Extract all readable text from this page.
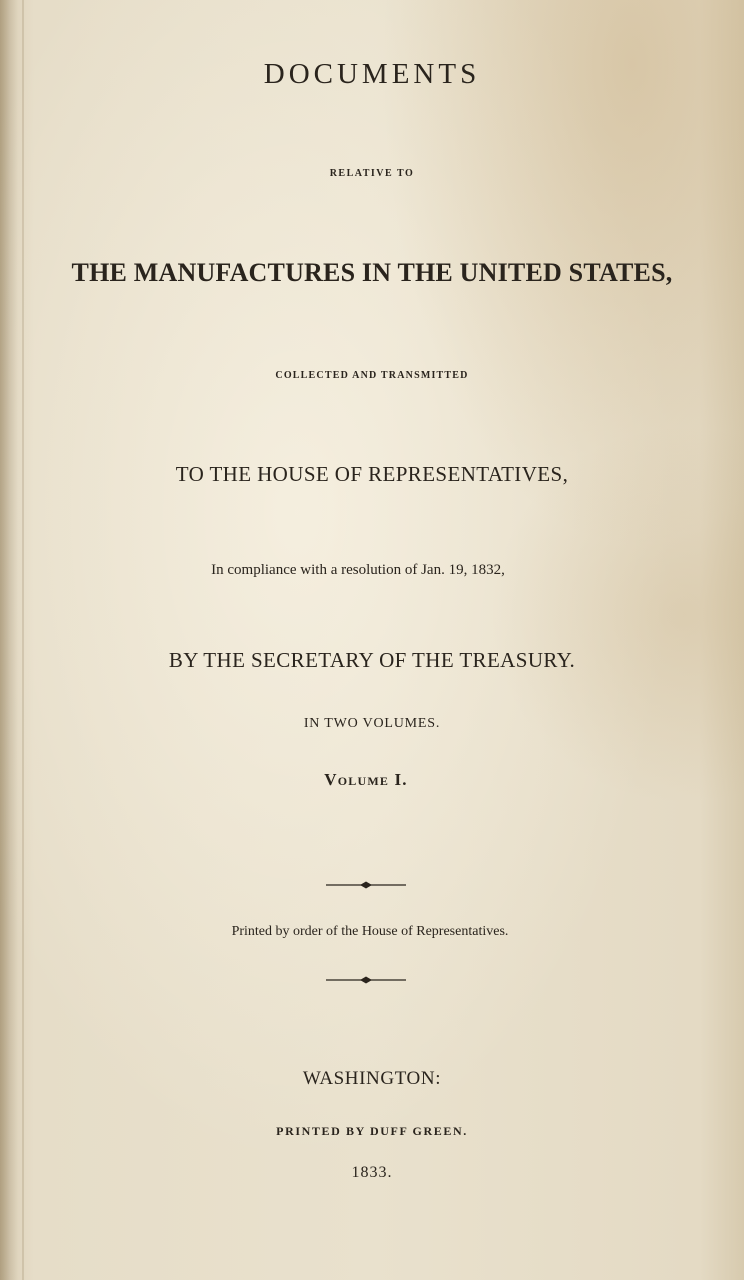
DOCUMENTS
RELATIVE TO
THE MANUFACTURES IN THE UNITED STATES,
COLLECTED AND TRANSMITTED
TO THE HOUSE OF REPRESENTATIVES,
In compliance with a resolution of Jan. 19, 1832,
BY THE SECRETARY OF THE TREASURY.
IN TWO VOLUMES.
Volume I.
Printed by order of the House of Representatives.
WASHINGTON:
PRINTED BY DUFF GREEN.
1833.
